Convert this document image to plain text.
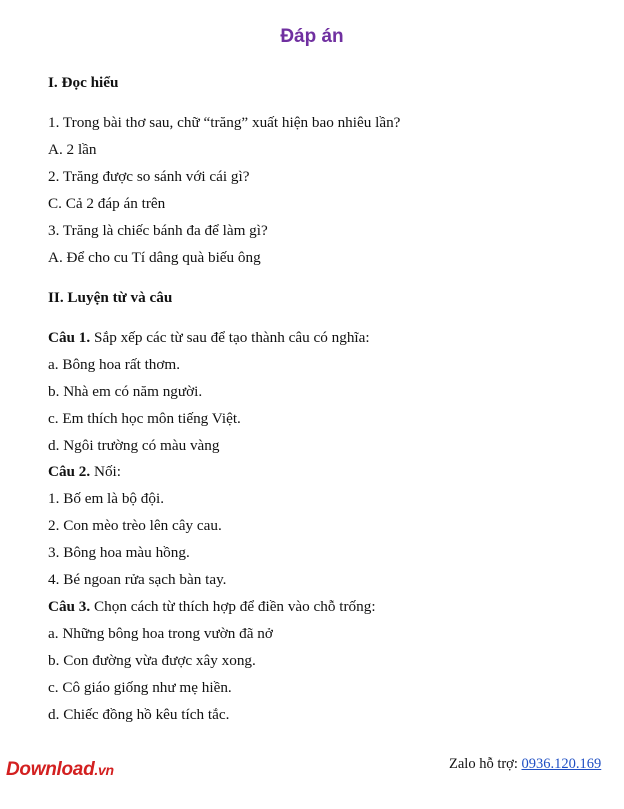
Đáp án
I. Đọc hiểu
1. Trong bài thơ sau, chữ “trăng” xuất hiện bao nhiêu lần?
A. 2 lần
2. Trăng được so sánh với cái gì?
C. Cả 2 đáp án trên
3. Trăng là chiếc bánh đa để làm gì?
A. Để cho cu Tí dâng quà biếu ông
II. Luyện từ và câu
Câu 1. Sắp xếp các từ sau để tạo thành câu có nghĩa:
a. Bông hoa rất thơm.
b. Nhà em có năm người.
c. Em thích học môn tiếng Việt.
d. Ngôi trường có màu vàng
Câu 2. Nối:
1. Bố em là bộ đội.
2. Con mèo trèo lên cây cau.
3. Bông hoa màu hồng.
4. Bé ngoan rửa sạch bàn tay.
Câu 3. Chọn cách từ thích hợp để điền vào chỗ trống:
a. Những bông hoa trong vườn đã nở
b. Con đường vừa được xây xong.
c. Cô giáo giống như mẹ hiền.
d. Chiếc đồng hồ kêu tích tắc.
Download.vn	Zalo hỗ trợ: 0936.120.169
